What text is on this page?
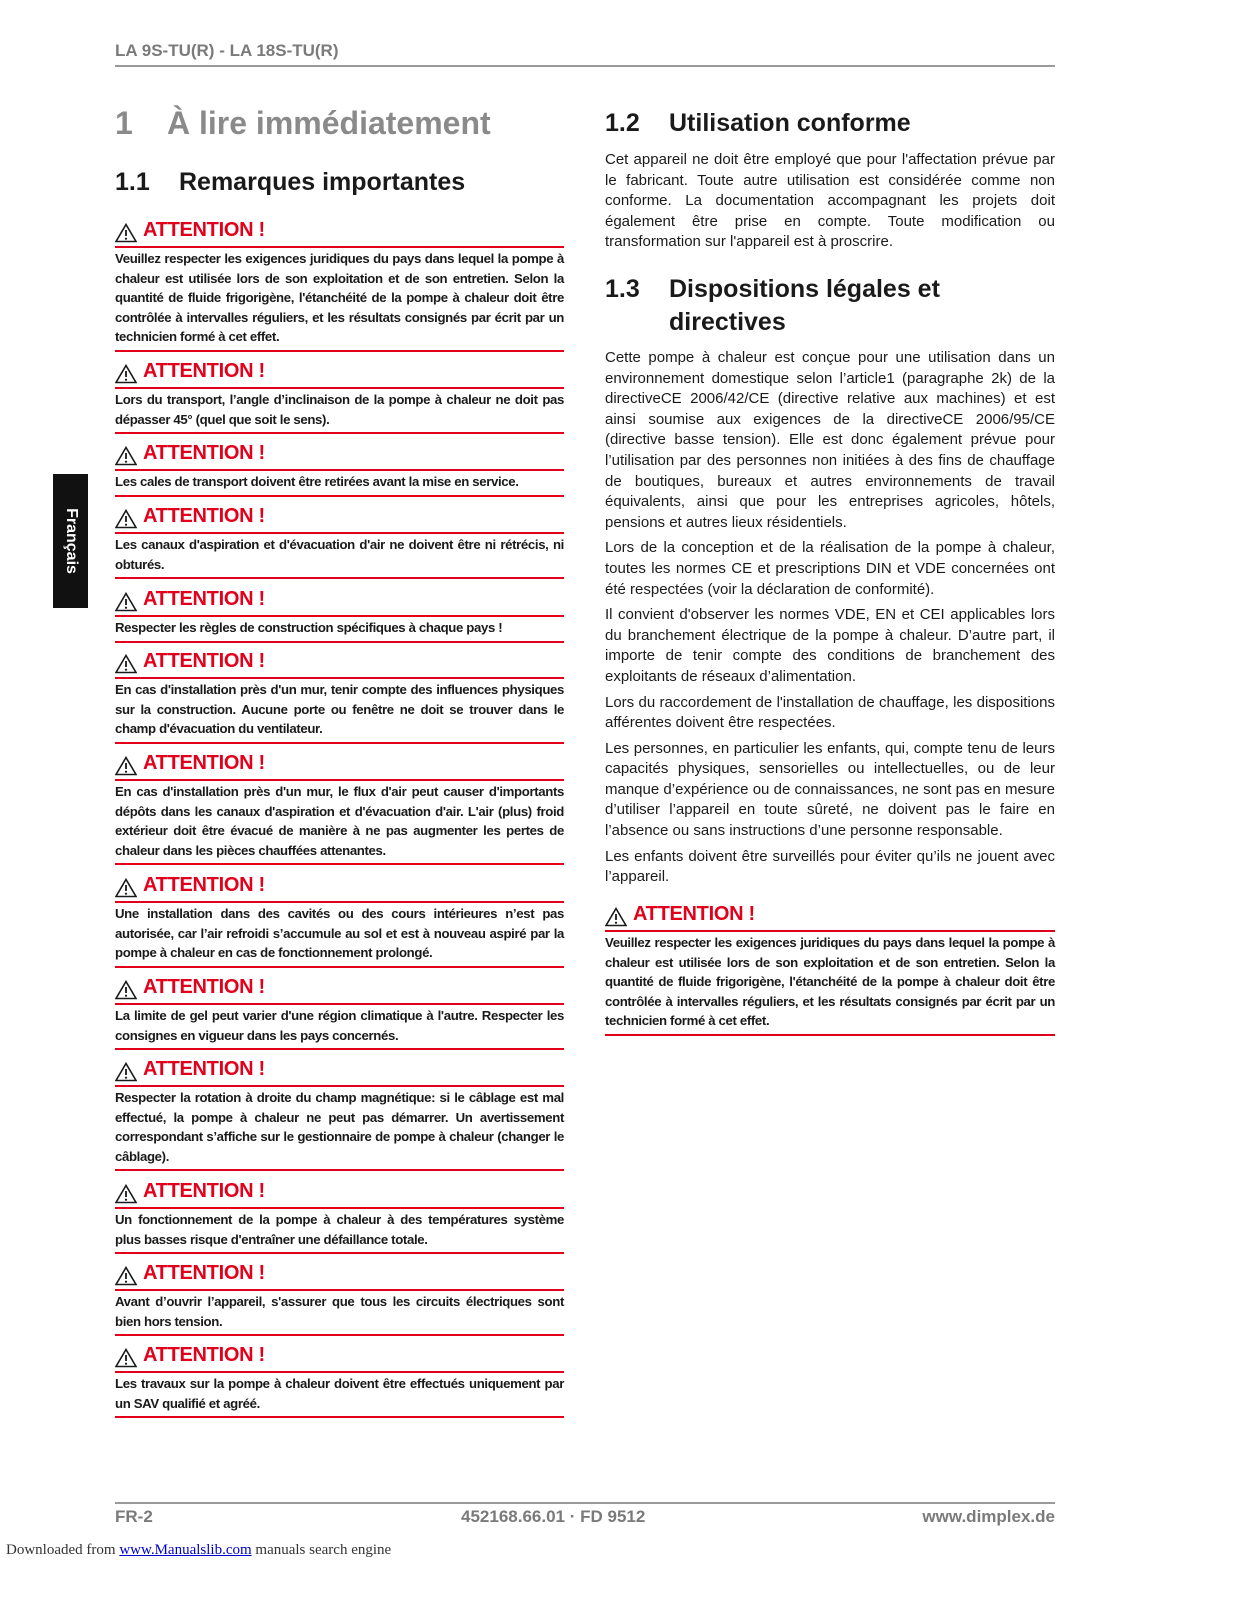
LA 9S-TU(R) - LA 18S-TU(R)
Français
1 À lire immédiatement
1.1 Remarques importantes
ATTENTION !
Veuillez respecter les exigences juridiques du pays dans lequel la pompe à chaleur est utilisée lors de son exploitation et de son entretien. Selon la quantité de fluide frigorigène, l'étanchéité de la pompe à chaleur doit être contrôlée à intervalles réguliers, et les résultats consignés par écrit par un technicien formé à cet effet.
ATTENTION !
Lors du transport, l’angle d’inclinaison de la pompe à chaleur ne doit pas dépasser 45° (quel que soit le sens).
ATTENTION !
Les cales de transport doivent être retirées avant la mise en service.
ATTENTION !
Les canaux d'aspiration et d'évacuation d'air ne doivent être ni rétrécis, ni obturés.
ATTENTION !
Respecter les règles de construction spécifiques à chaque pays !
ATTENTION !
En cas d'installation près d'un mur, tenir compte des influences physiques sur la construction. Aucune porte ou fenêtre ne doit se trouver dans le champ d'évacuation du ventilateur.
ATTENTION !
En cas d'installation près d'un mur, le flux d'air peut causer d'importants dépôts dans les canaux d'aspiration et d'évacuation d'air. L'air (plus) froid extérieur doit être évacué de manière à ne pas augmenter les pertes de chaleur dans les pièces chauffées attenantes.
ATTENTION !
Une installation dans des cavités ou des cours intérieures n’est pas autorisée, car l’air refroidi s’accumule au sol et est à nouveau aspiré par la pompe à chaleur en cas de fonctionnement prolongé.
ATTENTION !
La limite de gel peut varier d'une région climatique à l'autre. Respecter les consignes en vigueur dans les pays concernés.
ATTENTION !
Respecter la rotation à droite du champ magnétique: si le câblage est mal effectué, la pompe à chaleur ne peut pas démarrer. Un avertissement correspondant s’affiche sur le gestionnaire de pompe à chaleur (changer le câblage).
ATTENTION !
Un fonctionnement de la pompe à chaleur à des températures système plus basses risque d'entraîner une défaillance totale.
ATTENTION !
Avant d’ouvrir l’appareil, s'assurer que tous les circuits électriques sont bien hors tension.
ATTENTION !
Les travaux sur la pompe à chaleur doivent être effectués uniquement par un SAV qualifié et agréé.
1.2 Utilisation conforme

Cet appareil ne doit être employé que pour l'affectation prévue par le fabricant. Toute autre utilisation est considérée comme non conforme. La documentation accompagnant les projets doit également être prise en compte. Toute modification ou transformation sur l'appareil est à proscrire.

1.3 Dispositions légales et
directives

Cette pompe à chaleur est conçue pour une utilisation dans un environnement domestique selon l’article1 (paragraphe 2k) de la directiveCE 2006/42/CE (directive relative aux machines) et est ainsi soumise aux exigences de la directiveCE 2006/95/CE (directive basse tension). Elle est donc également prévue pour l’utilisation par des personnes non initiées à des fins de chauffage de boutiques, bureaux et autres environnements de travail équivalents, ainsi que pour les entreprises agricoles, hôtels, pensions et autres lieux résidentiels.

Lors de la conception et de la réalisation de la pompe à chaleur, toutes les normes CE et prescriptions DIN et VDE concernées ont été respectées (voir la déclaration de conformité).

Il convient d'observer les normes VDE, EN et CEI applicables lors du branchement électrique de la pompe à chaleur. D’autre part, il importe de tenir compte des conditions de branchement des exploitants de réseaux d’alimentation.

Lors du raccordement de l'installation de chauffage, les dispositions afférentes doivent être respectées.

Les personnes, en particulier les enfants, qui, compte tenu de leurs capacités physiques, sensorielles ou intellectuelles, ou de leur manque d’expérience ou de connaissances, ne sont pas en mesure d’utiliser l’appareil en toute sûreté, ne doivent pas le faire en l’absence ou sans instructions d’une personne responsable.

Les enfants doivent être surveillés pour éviter qu’ils ne jouent avec l’appareil.

ATTENTION !
Veuillez respecter les exigences juridiques du pays dans lequel la pompe à chaleur est utilisée lors de son exploitation et de son entretien. Selon la quantité de fluide frigorigène, l'étanchéité de la pompe à chaleur doit être contrôlée à intervalles réguliers, et les résultats consignés par écrit par un technicien formé à cet effet.
FR-2	452168.66.01 · FD 9512	www.dimplex.de
Downloaded from www.Manualslib.com manuals search engine
